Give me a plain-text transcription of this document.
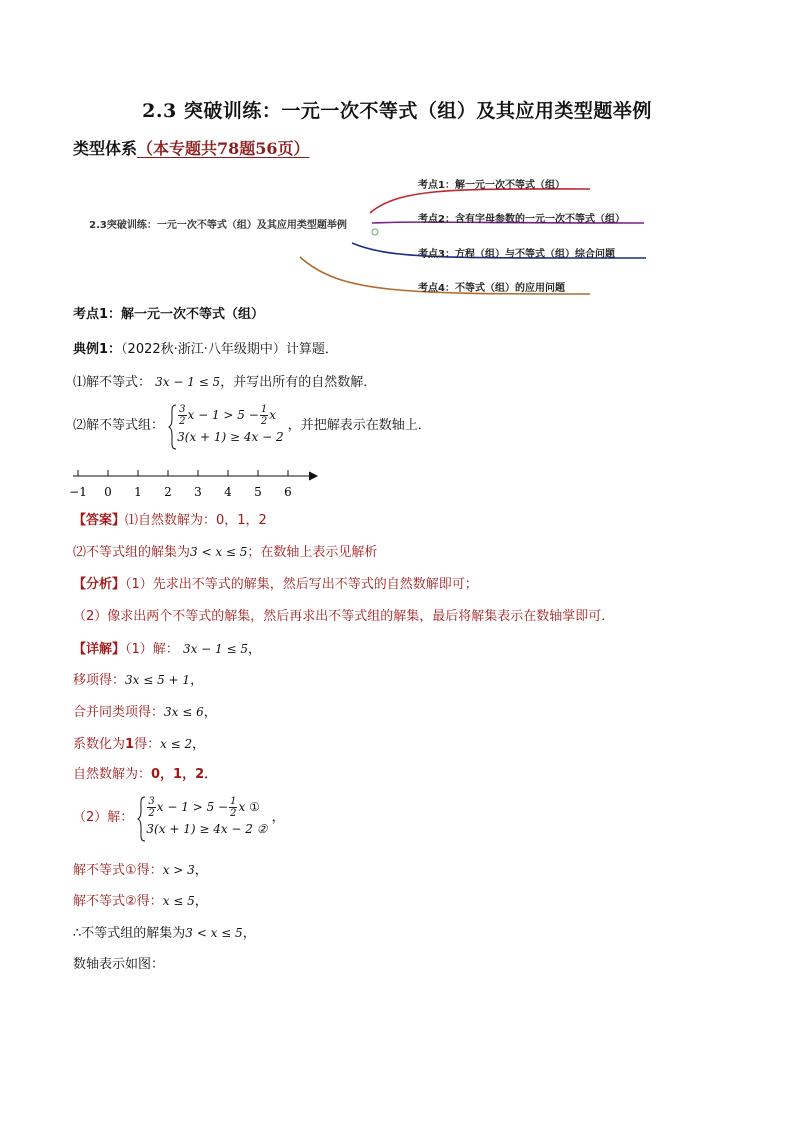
2.3 突破训练：一元一次不等式（组）及其应用类型题举例
类型体系（本专题共78题56页）
2.3突破训练：一元一次不等式（组）及其应用类型题举例
考点1：解一元一次不等式（组）
考点2：含有字母参数的一元一次不等式（组）
考点3：方程（组）与不等式（组）综合问题
考点4：不等式（组）的应用问题
考点1：解一元一次不等式（组）
典例1：（2022秋·浙江·八年级期中）计算题．
⑴解不等式： 3x − 1 ≤ 5，并写出所有的自然数解．
⑵解不等式组： $\frac{3}{2}$ $x - 1 > 5 - \frac{1}{2}$ x
3(x + 1) ≥ 4x − 2
，并把解表示在数轴上．
−1 0 1 2 3 4 5 6
【答案】⑴自然数解为：0，1，2
⑵不等式组的解集为3 < x ≤ 5；在数轴上表示见解析
【分析】（1）先求出不等式的解集，然后写出不等式的自然数解即可；
（2）像求出两个不等式的解集，然后再求出不等式组的解集，最后将解集表示在数轴掌即可．
【详解】（1）解： 3x − 1 ≤ 5，
移项得：3x ≤ 5 + 1，
合并同类项得：3x ≤ 6，
系数化为1得：x ≤ 2，
自然数解为：0，1，2．
（2）解： $\frac{3}{2}$ $x - 1 > 5 - \frac{1}{2}$ x ①
3(x + 1) ≥ 4x − 2 ②
，
解不等式①得：x > 3，
解不等式②得：x ≤ 5，
∴不等式组的解集为3 < x ≤ 5，
数轴表示如图：
